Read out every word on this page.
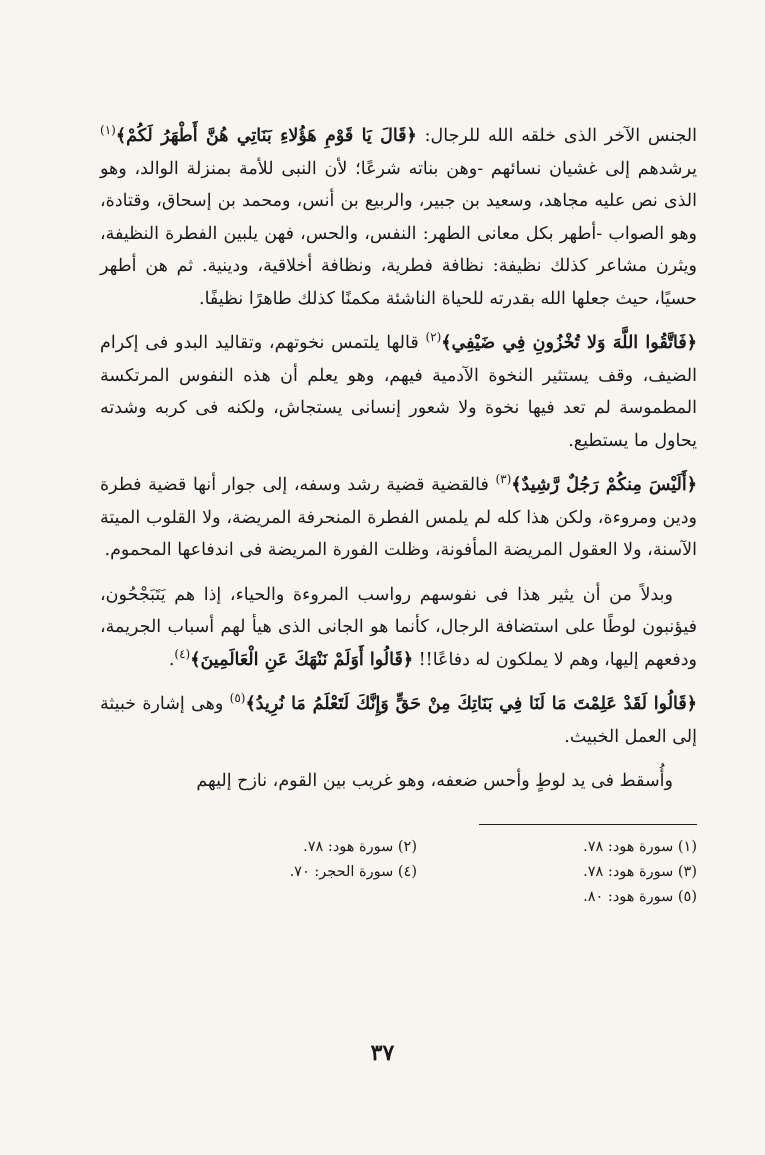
الجنس الآخر الذى خلقه الله للرجال: ﴿قَالَ يَا قَوْمِ هَؤُلاءِ بَنَاتِي هُنَّ أَطْهَرُ لَكُمْ﴾$^{(١)}$ يرشدهم إلى غشيان نسائهم -وهن بناته شرعًا؛ لأن النبى للأمة بمنزلة الوالد، وهو الذى نص عليه مجاهد، وسعيد بن جبير، والربيع بن أنس، ومحمد بن إسحاق، وقتادة، وهو الصواب -أطهر بكل معانى الطهر: النفس، والحس، فهن يلبين الفطرة النظيفة، ويثرن مشاعر كذلك نظيفة: نظافة فطرية، ونظافة أخلاقية، ودينية. ثم هن أطهر حسيًا، حيث جعلها الله بقدرته للحياة الناشئة مكمنًا كذلك طاهرًا نظيفًا.

﴿فَاتَّقُوا اللَّهَ وَلا تُخْزُونِ فِي ضَيْفِي﴾$^{(٢)}$ قالها يلتمس نخوتهم، وتقاليد البدو فى إكرام الضيف، وقف يستثير النخوة الآدمية فيهم، وهو يعلم أن هذه النفوس المرتكسة المطموسة لم تعد فيها نخوة ولا شعور إنسانى يستجاش، ولكنه فى كربه وشدته يحاول ما يستطيع.

﴿أَلَيْسَ مِنكُمْ رَجُلٌ رَّشِيدٌ﴾$^{(٣)}$ فالقضية قضية رشد وسفه، إلى جوار أنها قضية فطرة ودين ومروءة، ولكن هذا كله لم يلمس الفطرة المنحرفة المريضة، ولا القلوب الميتة الآسنة، ولا العقول المريضة المأفونة، وظلت الفورة المريضة فى اندفاعها المحموم.

وبدلاً من أن يثير هذا فى نفوسهم رواسب المروءة والحياء، إذا هم يَتَبَجْحُون، فيؤنبون لوطًا على استضافة الرجال، كأنما هو الجانى الذى هيأ لهم أسباب الجريمة، ودفعهم إليها، وهم لا يملكون له دفاعًا!! ﴿قَالُوا أَوَلَمْ نَنْهَكَ عَنِ الْعَالَمِينَ﴾$^{(٤)}$.

﴿قَالُوا لَقَدْ عَلِمْتَ مَا لَنَا فِي بَنَاتِكَ مِنْ حَقٍّ وَإِنَّكَ لَتَعْلَمُ مَا نُرِيدُ﴾$^{(٥)}$ وهى إشارة خبيثة إلى العمل الخبيث.

وأُسقط فى يد لوطٍ وأحس ضعفه، وهو غريب بين القوم، نازح إليهم

(١) سورة هود: ٧٨.
(٢) سورة هود: ٧٨.
(٣) سورة هود: ٧٨.
(٤) سورة الحجر: ٧٠.
(٥) سورة هود: ٨٠.
٣٧
